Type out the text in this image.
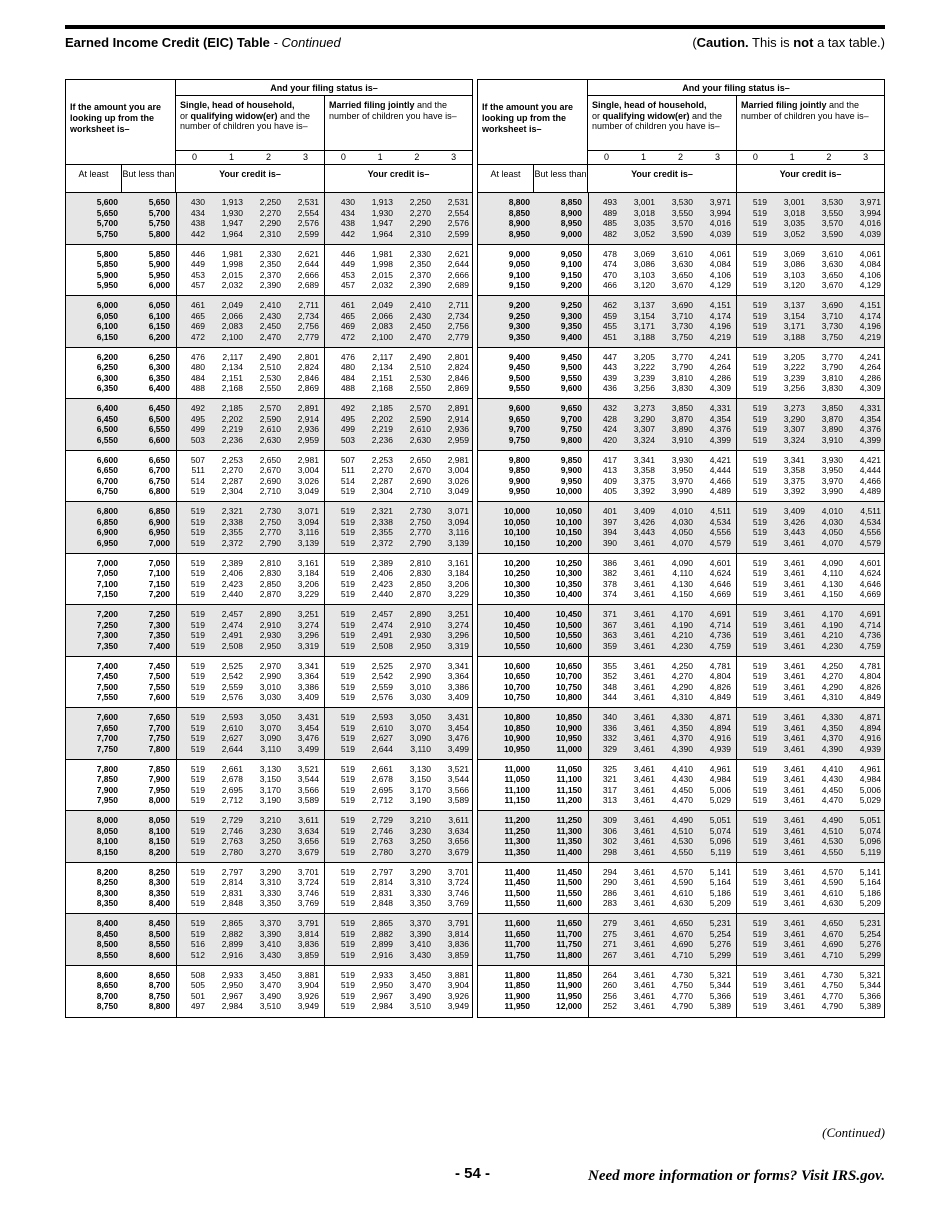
Earned Income Credit (EIC) Table - Continued	(Caution. This is not a tax table.)
If the amount you are looking up from the worksheet is–
At least	But less than
And your filing status is–
Single, head of household, or qualifying widow(er) and the number of children you have is–
Married filing jointly and the number of children you have is–
0	1	2	3	0	1	2	3
Your credit is–	Your credit is–
5,600	5,650	430	1,913	2,250	2,531	430	1,913	2,250	2,531
5,650	5,700	434	1,930	2,270	2,554	434	1,930	2,270	2,554
5,700	5,750	438	1,947	2,290	2,576	438	1,947	2,290	2,576
5,750	5,800	442	1,964	2,310	2,599	442	1,964	2,310	2,599
5,800	5,850	446	1,981	2,330	2,621	446	1,981	2,330	2,621
5,850	5,900	449	1,998	2,350	2,644	449	1,998	2,350	2,644
5,900	5,950	453	2,015	2,370	2,666	453	2,015	2,370	2,666
5,950	6,000	457	2,032	2,390	2,689	457	2,032	2,390	2,689
6,000	6,050	461	2,049	2,410	2,711	461	2,049	2,410	2,711
6,050	6,100	465	2,066	2,430	2,734	465	2,066	2,430	2,734
6,100	6,150	469	2,083	2,450	2,756	469	2,083	2,450	2,756
6,150	6,200	472	2,100	2,470	2,779	472	2,100	2,470	2,779
6,200	6,250	476	2,117	2,490	2,801	476	2,117	2,490	2,801
6,250	6,300	480	2,134	2,510	2,824	480	2,134	2,510	2,824
6,300	6,350	484	2,151	2,530	2,846	484	2,151	2,530	2,846
6,350	6,400	488	2,168	2,550	2,869	488	2,168	2,550	2,869
6,400	6,450	492	2,185	2,570	2,891	492	2,185	2,570	2,891
6,450	6,500	495	2,202	2,590	2,914	495	2,202	2,590	2,914
6,500	6,550	499	2,219	2,610	2,936	499	2,219	2,610	2,936
6,550	6,600	503	2,236	2,630	2,959	503	2,236	2,630	2,959
6,600	6,650	507	2,253	2,650	2,981	507	2,253	2,650	2,981
6,650	6,700	511	2,270	2,670	3,004	511	2,270	2,670	3,004
6,700	6,750	514	2,287	2,690	3,026	514	2,287	2,690	3,026
6,750	6,800	519	2,304	2,710	3,049	519	2,304	2,710	3,049
6,800	6,850	519	2,321	2,730	3,071	519	2,321	2,730	3,071
6,850	6,900	519	2,338	2,750	3,094	519	2,338	2,750	3,094
6,900	6,950	519	2,355	2,770	3,116	519	2,355	2,770	3,116
6,950	7,000	519	2,372	2,790	3,139	519	2,372	2,790	3,139
7,000	7,050	519	2,389	2,810	3,161	519	2,389	2,810	3,161
7,050	7,100	519	2,406	2,830	3,184	519	2,406	2,830	3,184
7,100	7,150	519	2,423	2,850	3,206	519	2,423	2,850	3,206
7,150	7,200	519	2,440	2,870	3,229	519	2,440	2,870	3,229
7,200	7,250	519	2,457	2,890	3,251	519	2,457	2,890	3,251
7,250	7,300	519	2,474	2,910	3,274	519	2,474	2,910	3,274
7,300	7,350	519	2,491	2,930	3,296	519	2,491	2,930	3,296
7,350	7,400	519	2,508	2,950	3,319	519	2,508	2,950	3,319
7,400	7,450	519	2,525	2,970	3,341	519	2,525	2,970	3,341
7,450	7,500	519	2,542	2,990	3,364	519	2,542	2,990	3,364
7,500	7,550	519	2,559	3,010	3,386	519	2,559	3,010	3,386
7,550	7,600	519	2,576	3,030	3,409	519	2,576	3,030	3,409
7,600	7,650	519	2,593	3,050	3,431	519	2,593	3,050	3,431
7,650	7,700	519	2,610	3,070	3,454	519	2,610	3,070	3,454
7,700	7,750	519	2,627	3,090	3,476	519	2,627	3,090	3,476
7,750	7,800	519	2,644	3,110	3,499	519	2,644	3,110	3,499
7,800	7,850	519	2,661	3,130	3,521	519	2,661	3,130	3,521
7,850	7,900	519	2,678	3,150	3,544	519	2,678	3,150	3,544
7,900	7,950	519	2,695	3,170	3,566	519	2,695	3,170	3,566
7,950	8,000	519	2,712	3,190	3,589	519	2,712	3,190	3,589
8,000	8,050	519	2,729	3,210	3,611	519	2,729	3,210	3,611
8,050	8,100	519	2,746	3,230	3,634	519	2,746	3,230	3,634
8,100	8,150	519	2,763	3,250	3,656	519	2,763	3,250	3,656
8,150	8,200	519	2,780	3,270	3,679	519	2,780	3,270	3,679
8,200	8,250	519	2,797	3,290	3,701	519	2,797	3,290	3,701
8,250	8,300	519	2,814	3,310	3,724	519	2,814	3,310	3,724
8,300	8,350	519	2,831	3,330	3,746	519	2,831	3,330	3,746
8,350	8,400	519	2,848	3,350	3,769	519	2,848	3,350	3,769
8,400	8,450	519	2,865	3,370	3,791	519	2,865	3,370	3,791
8,450	8,500	519	2,882	3,390	3,814	519	2,882	3,390	3,814
8,500	8,550	516	2,899	3,410	3,836	519	2,899	3,410	3,836
8,550	8,600	512	2,916	3,430	3,859	519	2,916	3,430	3,859
8,600	8,650	508	2,933	3,450	3,881	519	2,933	3,450	3,881
8,650	8,700	505	2,950	3,470	3,904	519	2,950	3,470	3,904
8,700	8,750	501	2,967	3,490	3,926	519	2,967	3,490	3,926
8,750	8,800	497	2,984	3,510	3,949	519	2,984	3,510	3,949
If the amount you are looking up from the worksheet is–
At least	But less than
And your filing status is–
Single, head of household, or qualifying widow(er) and the number of children you have is–
Married filing jointly and the number of children you have is–
0	1	2	3	0	1	2	3
Your credit is–	Your credit is–
8,800	8,850	493	3,001	3,530	3,971	519	3,001	3,530	3,971
8,850	8,900	489	3,018	3,550	3,994	519	3,018	3,550	3,994
8,900	8,950	485	3,035	3,570	4,016	519	3,035	3,570	4,016
8,950	9,000	482	3,052	3,590	4,039	519	3,052	3,590	4,039
9,000	9,050	478	3,069	3,610	4,061	519	3,069	3,610	4,061
9,050	9,100	474	3,086	3,630	4,084	519	3,086	3,630	4,084
9,100	9,150	470	3,103	3,650	4,106	519	3,103	3,650	4,106
9,150	9,200	466	3,120	3,670	4,129	519	3,120	3,670	4,129
9,200	9,250	462	3,137	3,690	4,151	519	3,137	3,690	4,151
9,250	9,300	459	3,154	3,710	4,174	519	3,154	3,710	4,174
9,300	9,350	455	3,171	3,730	4,196	519	3,171	3,730	4,196
9,350	9,400	451	3,188	3,750	4,219	519	3,188	3,750	4,219
9,400	9,450	447	3,205	3,770	4,241	519	3,205	3,770	4,241
9,450	9,500	443	3,222	3,790	4,264	519	3,222	3,790	4,264
9,500	9,550	439	3,239	3,810	4,286	519	3,239	3,810	4,286
9,550	9,600	436	3,256	3,830	4,309	519	3,256	3,830	4,309
9,600	9,650	432	3,273	3,850	4,331	519	3,273	3,850	4,331
9,650	9,700	428	3,290	3,870	4,354	519	3,290	3,870	4,354
9,700	9,750	424	3,307	3,890	4,376	519	3,307	3,890	4,376
9,750	9,800	420	3,324	3,910	4,399	519	3,324	3,910	4,399
9,800	9,850	417	3,341	3,930	4,421	519	3,341	3,930	4,421
9,850	9,900	413	3,358	3,950	4,444	519	3,358	3,950	4,444
9,900	9,950	409	3,375	3,970	4,466	519	3,375	3,970	4,466
9,950	10,000	405	3,392	3,990	4,489	519	3,392	3,990	4,489
10,000	10,050	401	3,409	4,010	4,511	519	3,409	4,010	4,511
10,050	10,100	397	3,426	4,030	4,534	519	3,426	4,030	4,534
10,100	10,150	394	3,443	4,050	4,556	519	3,443	4,050	4,556
10,150	10,200	390	3,461	4,070	4,579	519	3,461	4,070	4,579
10,200	10,250	386	3,461	4,090	4,601	519	3,461	4,090	4,601
10,250	10,300	382	3,461	4,110	4,624	519	3,461	4,110	4,624
10,300	10,350	378	3,461	4,130	4,646	519	3,461	4,130	4,646
10,350	10,400	374	3,461	4,150	4,669	519	3,461	4,150	4,669
10,400	10,450	371	3,461	4,170	4,691	519	3,461	4,170	4,691
10,450	10,500	367	3,461	4,190	4,714	519	3,461	4,190	4,714
10,500	10,550	363	3,461	4,210	4,736	519	3,461	4,210	4,736
10,550	10,600	359	3,461	4,230	4,759	519	3,461	4,230	4,759
10,600	10,650	355	3,461	4,250	4,781	519	3,461	4,250	4,781
10,650	10,700	352	3,461	4,270	4,804	519	3,461	4,270	4,804
10,700	10,750	348	3,461	4,290	4,826	519	3,461	4,290	4,826
10,750	10,800	344	3,461	4,310	4,849	519	3,461	4,310	4,849
10,800	10,850	340	3,461	4,330	4,871	519	3,461	4,330	4,871
10,850	10,900	336	3,461	4,350	4,894	519	3,461	4,350	4,894
10,900	10,950	332	3,461	4,370	4,916	519	3,461	4,370	4,916
10,950	11,000	329	3,461	4,390	4,939	519	3,461	4,390	4,939
11,000	11,050	325	3,461	4,410	4,961	519	3,461	4,410	4,961
11,050	11,100	321	3,461	4,430	4,984	519	3,461	4,430	4,984
11,100	11,150	317	3,461	4,450	5,006	519	3,461	4,450	5,006
11,150	11,200	313	3,461	4,470	5,029	519	3,461	4,470	5,029
11,200	11,250	309	3,461	4,490	5,051	519	3,461	4,490	5,051
11,250	11,300	306	3,461	4,510	5,074	519	3,461	4,510	5,074
11,300	11,350	302	3,461	4,530	5,096	519	3,461	4,530	5,096
11,350	11,400	298	3,461	4,550	5,119	519	3,461	4,550	5,119
11,400	11,450	294	3,461	4,570	5,141	519	3,461	4,570	5,141
11,450	11,500	290	3,461	4,590	5,164	519	3,461	4,590	5,164
11,500	11,550	286	3,461	4,610	5,186	519	3,461	4,610	5,186
11,550	11,600	283	3,461	4,630	5,209	519	3,461	4,630	5,209
11,600	11,650	279	3,461	4,650	5,231	519	3,461	4,650	5,231
11,650	11,700	275	3,461	4,670	5,254	519	3,461	4,670	5,254
11,700	11,750	271	3,461	4,690	5,276	519	3,461	4,690	5,276
11,750	11,800	267	3,461	4,710	5,299	519	3,461	4,710	5,299
11,800	11,850	264	3,461	4,730	5,321	519	3,461	4,730	5,321
11,850	11,900	260	3,461	4,750	5,344	519	3,461	4,750	5,344
11,900	11,950	256	3,461	4,770	5,366	519	3,461	4,770	5,366
11,950	12,000	252	3,461	4,790	5,389	519	3,461	4,790	5,389
(Continued)
- 54 -	Need more information or forms? Visit IRS.gov.
